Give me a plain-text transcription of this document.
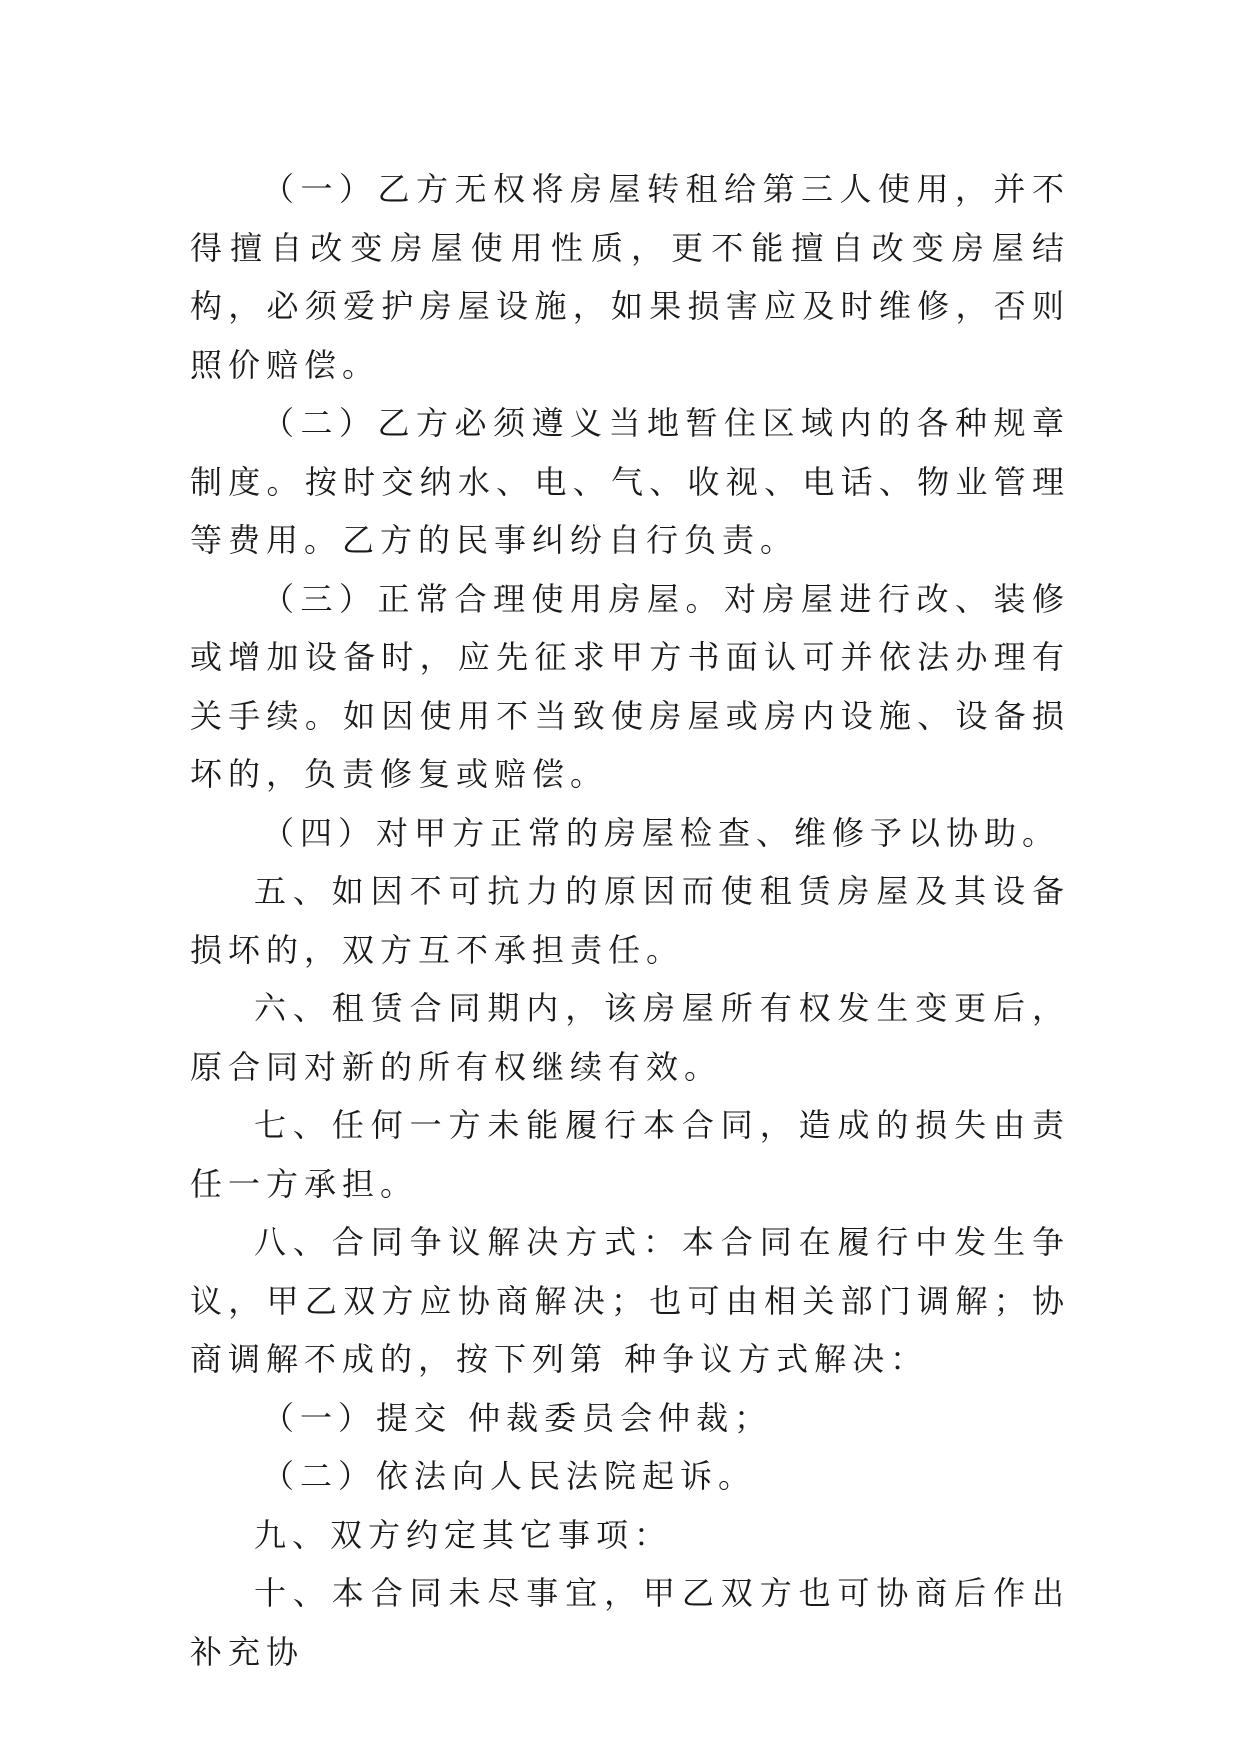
（一）乙方无权将房屋转租给第三人使用，并不得擅自改变房屋使用性质，更不能擅自改变房屋结构，必须爱护房屋设施，如果损害应及时维修，否则照价赔偿。

（二）乙方必须遵义当地暂住区域内的各种规章制度。按时交纳水、电、气、收视、电话、物业管理等费用。乙方的民事纠纷自行负责。

（三）正常合理使用房屋。对房屋进行改、装修或增加设备时，应先征求甲方书面认可并依法办理有关手续。如因使用不当致使房屋或房内设施、设备损坏的，负责修复或赔偿。

（四）对甲方正常的房屋检查、维修予以协助。

五、如因不可抗力的原因而使租赁房屋及其设备损坏的，双方互不承担责任。

六、租赁合同期内，该房屋所有权发生变更后，原合同对新的所有权继续有效。

七、任何一方未能履行本合同，造成的损失由责任一方承担。

八、合同争议解决方式：本合同在履行中发生争议，甲乙双方应协商解决；也可由相关部门调解；协商调解不成的，按下列第 种争议方式解决：

（一）提交 仲裁委员会仲裁；

（二）依法向人民法院起诉。

九、双方约定其它事项：

十、本合同未尽事宜，甲乙双方也可协商后作出补充协
